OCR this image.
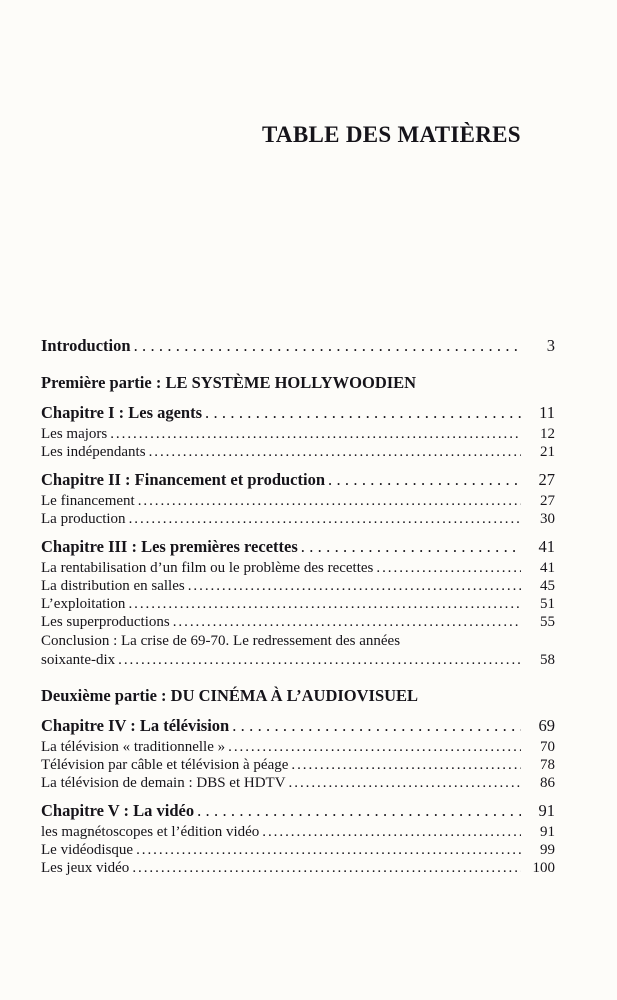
TABLE DES MATIÈRES
Introduction . . .	3
Première partie : LE SYSTÈME HOLLYWOODIEN
Chapitre I : Les agents . . .	11
Les majors . . .	12
Les indépendants . . .	21
Chapitre II : Financement et production . . .	27
Le financement . . .	27
La production . . .	30
Chapitre III : Les premières recettes . . .	41
La rentabilisation d’un film ou le problème des recettes . . .	41
La distribution en salles . . .	45
L’exploitation . . .	51
Les superproductions . . .	55
Conclusion : La crise de 69-70. Le redressement des années
soixante-dix . . .	58
Deuxième partie : DU CINÉMA À L’AUDIOVISUEL
Chapitre IV : La télévision . . .	69
La télévision « traditionnelle » . . .	70
Télévision par câble et télévision à péage . . .	78
La télévision de demain : DBS et HDTV . . .	86
Chapitre V : La vidéo . . .	91
les magnétoscopes et l’édition vidéo . . .	91
Le vidéodisque . . .	99
Les jeux vidéo . . .	100
